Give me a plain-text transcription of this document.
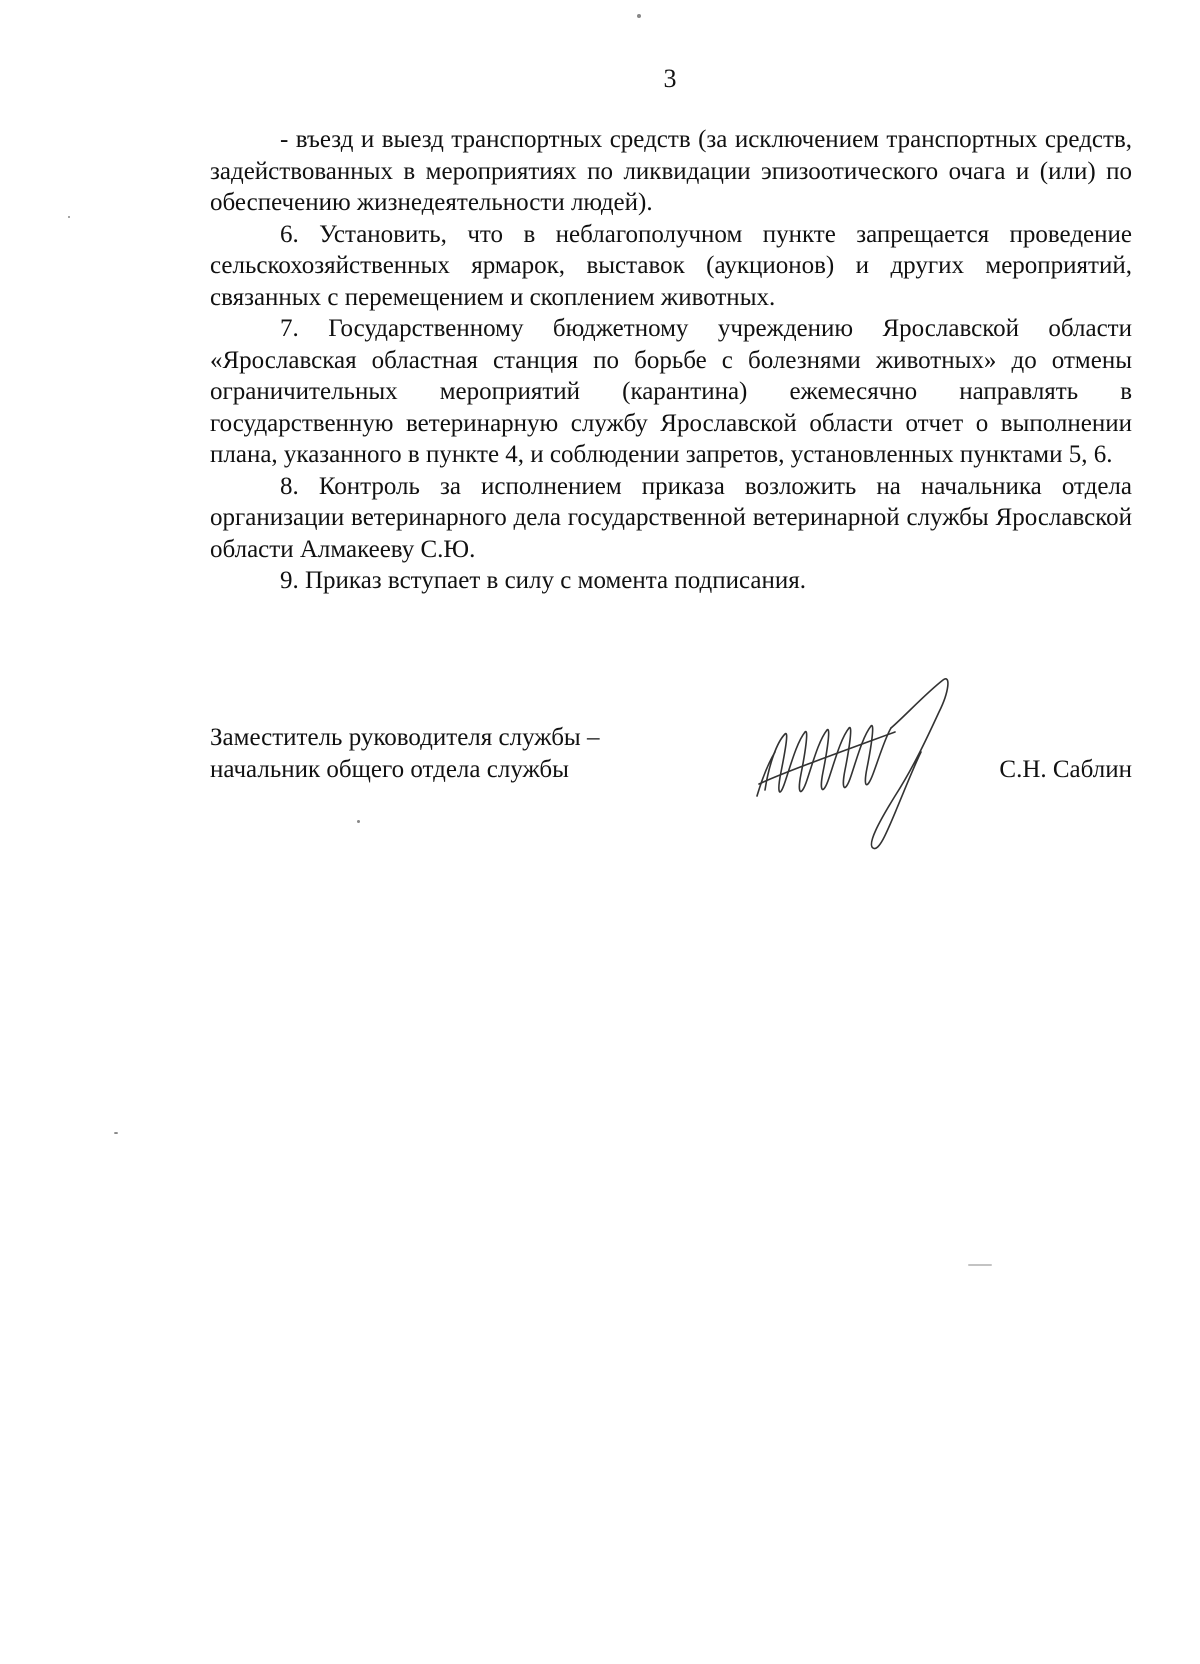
3

- въезд и выезд транспортных средств (за исключением транспортных средств, задействованных в мероприятиях по ликвидации эпизоотического очага и (или) по обеспечению жизнедеятельности людей).

6. Установить, что в неблагополучном пункте запрещается проведение сельскохозяйственных ярмарок, выставок (аукционов) и других мероприятий, связанных с перемещением и скоплением животных.

7. Государственному бюджетному учреждению Ярославской области «Ярославская областная станция по борьбе с болезнями животных» до отмены ограничительных мероприятий (карантина) ежемесячно направлять в государственную ветеринарную службу Ярославской области отчет о выполнении плана, указанного в пункте 4, и соблюдении запретов, установленных пунктами 5, 6.

8. Контроль за исполнением приказа возложить на начальника отдела организации ветеринарного дела государственной ветеринарной службы Ярославской области Алмакееву С.Ю.

9. Приказ вступает в силу с момента подписания.

Заместитель руководителя службы –
начальник общего отдела службы	С.Н. Саблин
